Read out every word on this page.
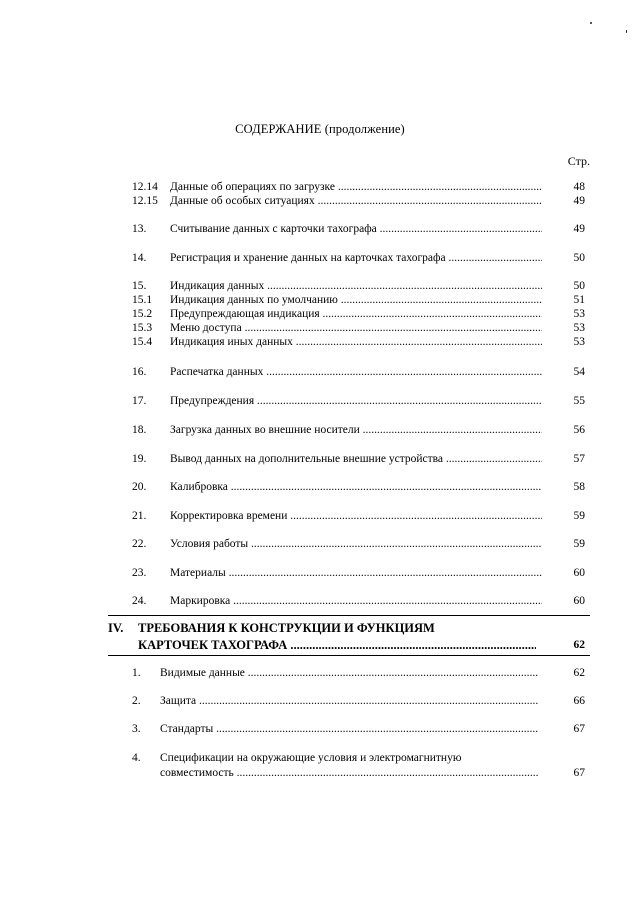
СОДЕРЖАНИЕ (продолжение)
Стр.
12.14 Данные об операциях по загрузке .....	48
12.15 Данные об особых ситуациях .....	49
13. Считывание данных с карточки тахографа .....	49
14. Регистрация и хранение данных на карточках тахографа .....	50
15. Индикация данных .....	50
15.1 Индикация данных по умолчанию .....	51
15.2 Предупреждающая индикация .....	53
15.3 Меню доступа .....	53
15.4 Индикация иных данных .....	53
16. Распечатка данных .....	54
17. Предупреждения .....	55
18. Загрузка данных во внешние носители .....	56
19. Вывод данных на дополнительные внешние устройства .....	57
20. Калибровка .....	58
21. Корректировка времени .....	59
22. Условия работы .....	59
23. Материалы .....	60
24. Маркировка .....	60
IV. ТРЕБОВАНИЯ К КОНСТРУКЦИИ И ФУНКЦИЯМ
КАРТОЧЕК ТАХОГРАФА .....	62
1. Видимые данные .....	62
2. Защита .....	66
3. Стандарты .....	67
4. Спецификации на окружающие условия и электромагнитную
совместимость .....	67
